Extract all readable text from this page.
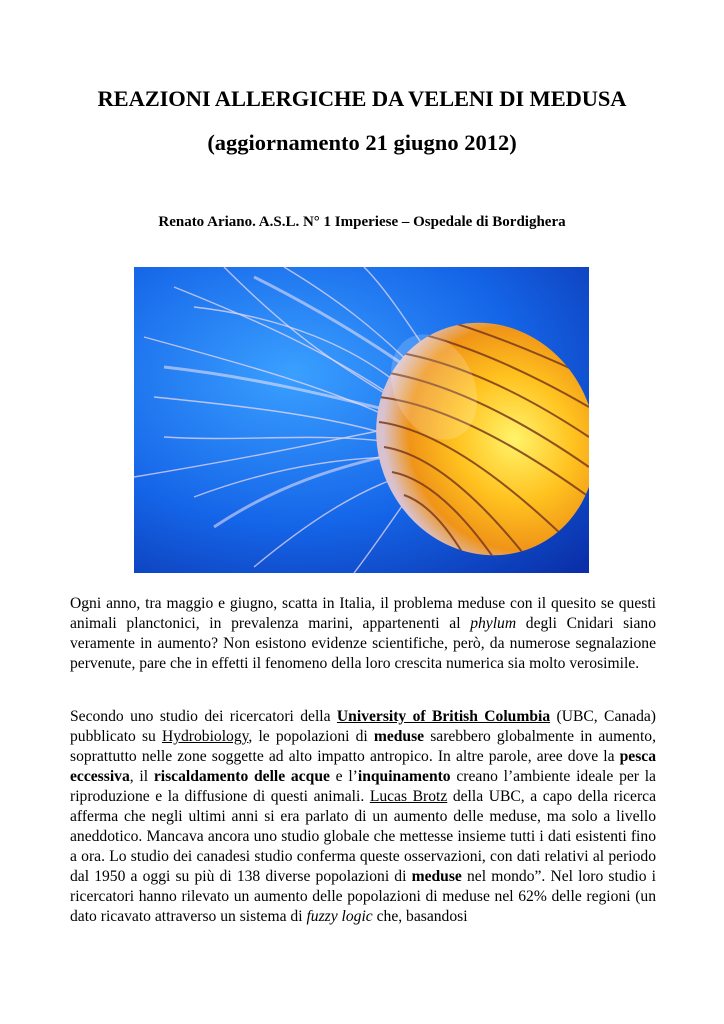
REAZIONI ALLERGICHE DA VELENI DI MEDUSA
(aggiornamento 21 giugno 2012)

Renato Ariano. A.S.L. N° 1 Imperiese – Ospedale di Bordighera

Ogni anno, tra maggio e giugno, scatta in Italia, il problema meduse con il quesito se questi animali planctonici, in prevalenza marini, appartenenti al phylum degli Cnidari siano veramente in aumento? Non esistono evidenze scientifiche, però, da numerose segnalazione pervenute, pare che in effetti il fenomeno della loro crescita numerica sia molto verosimile.

Secondo uno studio dei ricercatori della University of British Columbia (UBC, Canada) pubblicato su Hydrobiology, le popolazioni di meduse sarebbero globalmente in aumento, soprattutto nelle zone soggette ad alto impatto antropico. In altre parole, aree dove la pesca eccessiva, il riscaldamento delle acque e l’inquinamento creano l’ambiente ideale per la riproduzione e la diffusione di questi animali. Lucas Brotz della UBC, a capo della ricerca afferma che negli ultimi anni si era parlato di un aumento delle meduse, ma solo a livello aneddotico. Mancava ancora uno studio globale che mettesse insieme tutti i dati esistenti fino a ora. Lo studio dei canadesi studio conferma queste osservazioni, con dati relativi al periodo dal 1950 a oggi su più di 138 diverse popolazioni di meduse nel mondo”. Nel loro studio i ricercatori hanno rilevato un aumento delle popolazioni di meduse nel 62% delle regioni (un dato ricavato attraverso un sistema di fuzzy logic che, basandosi
